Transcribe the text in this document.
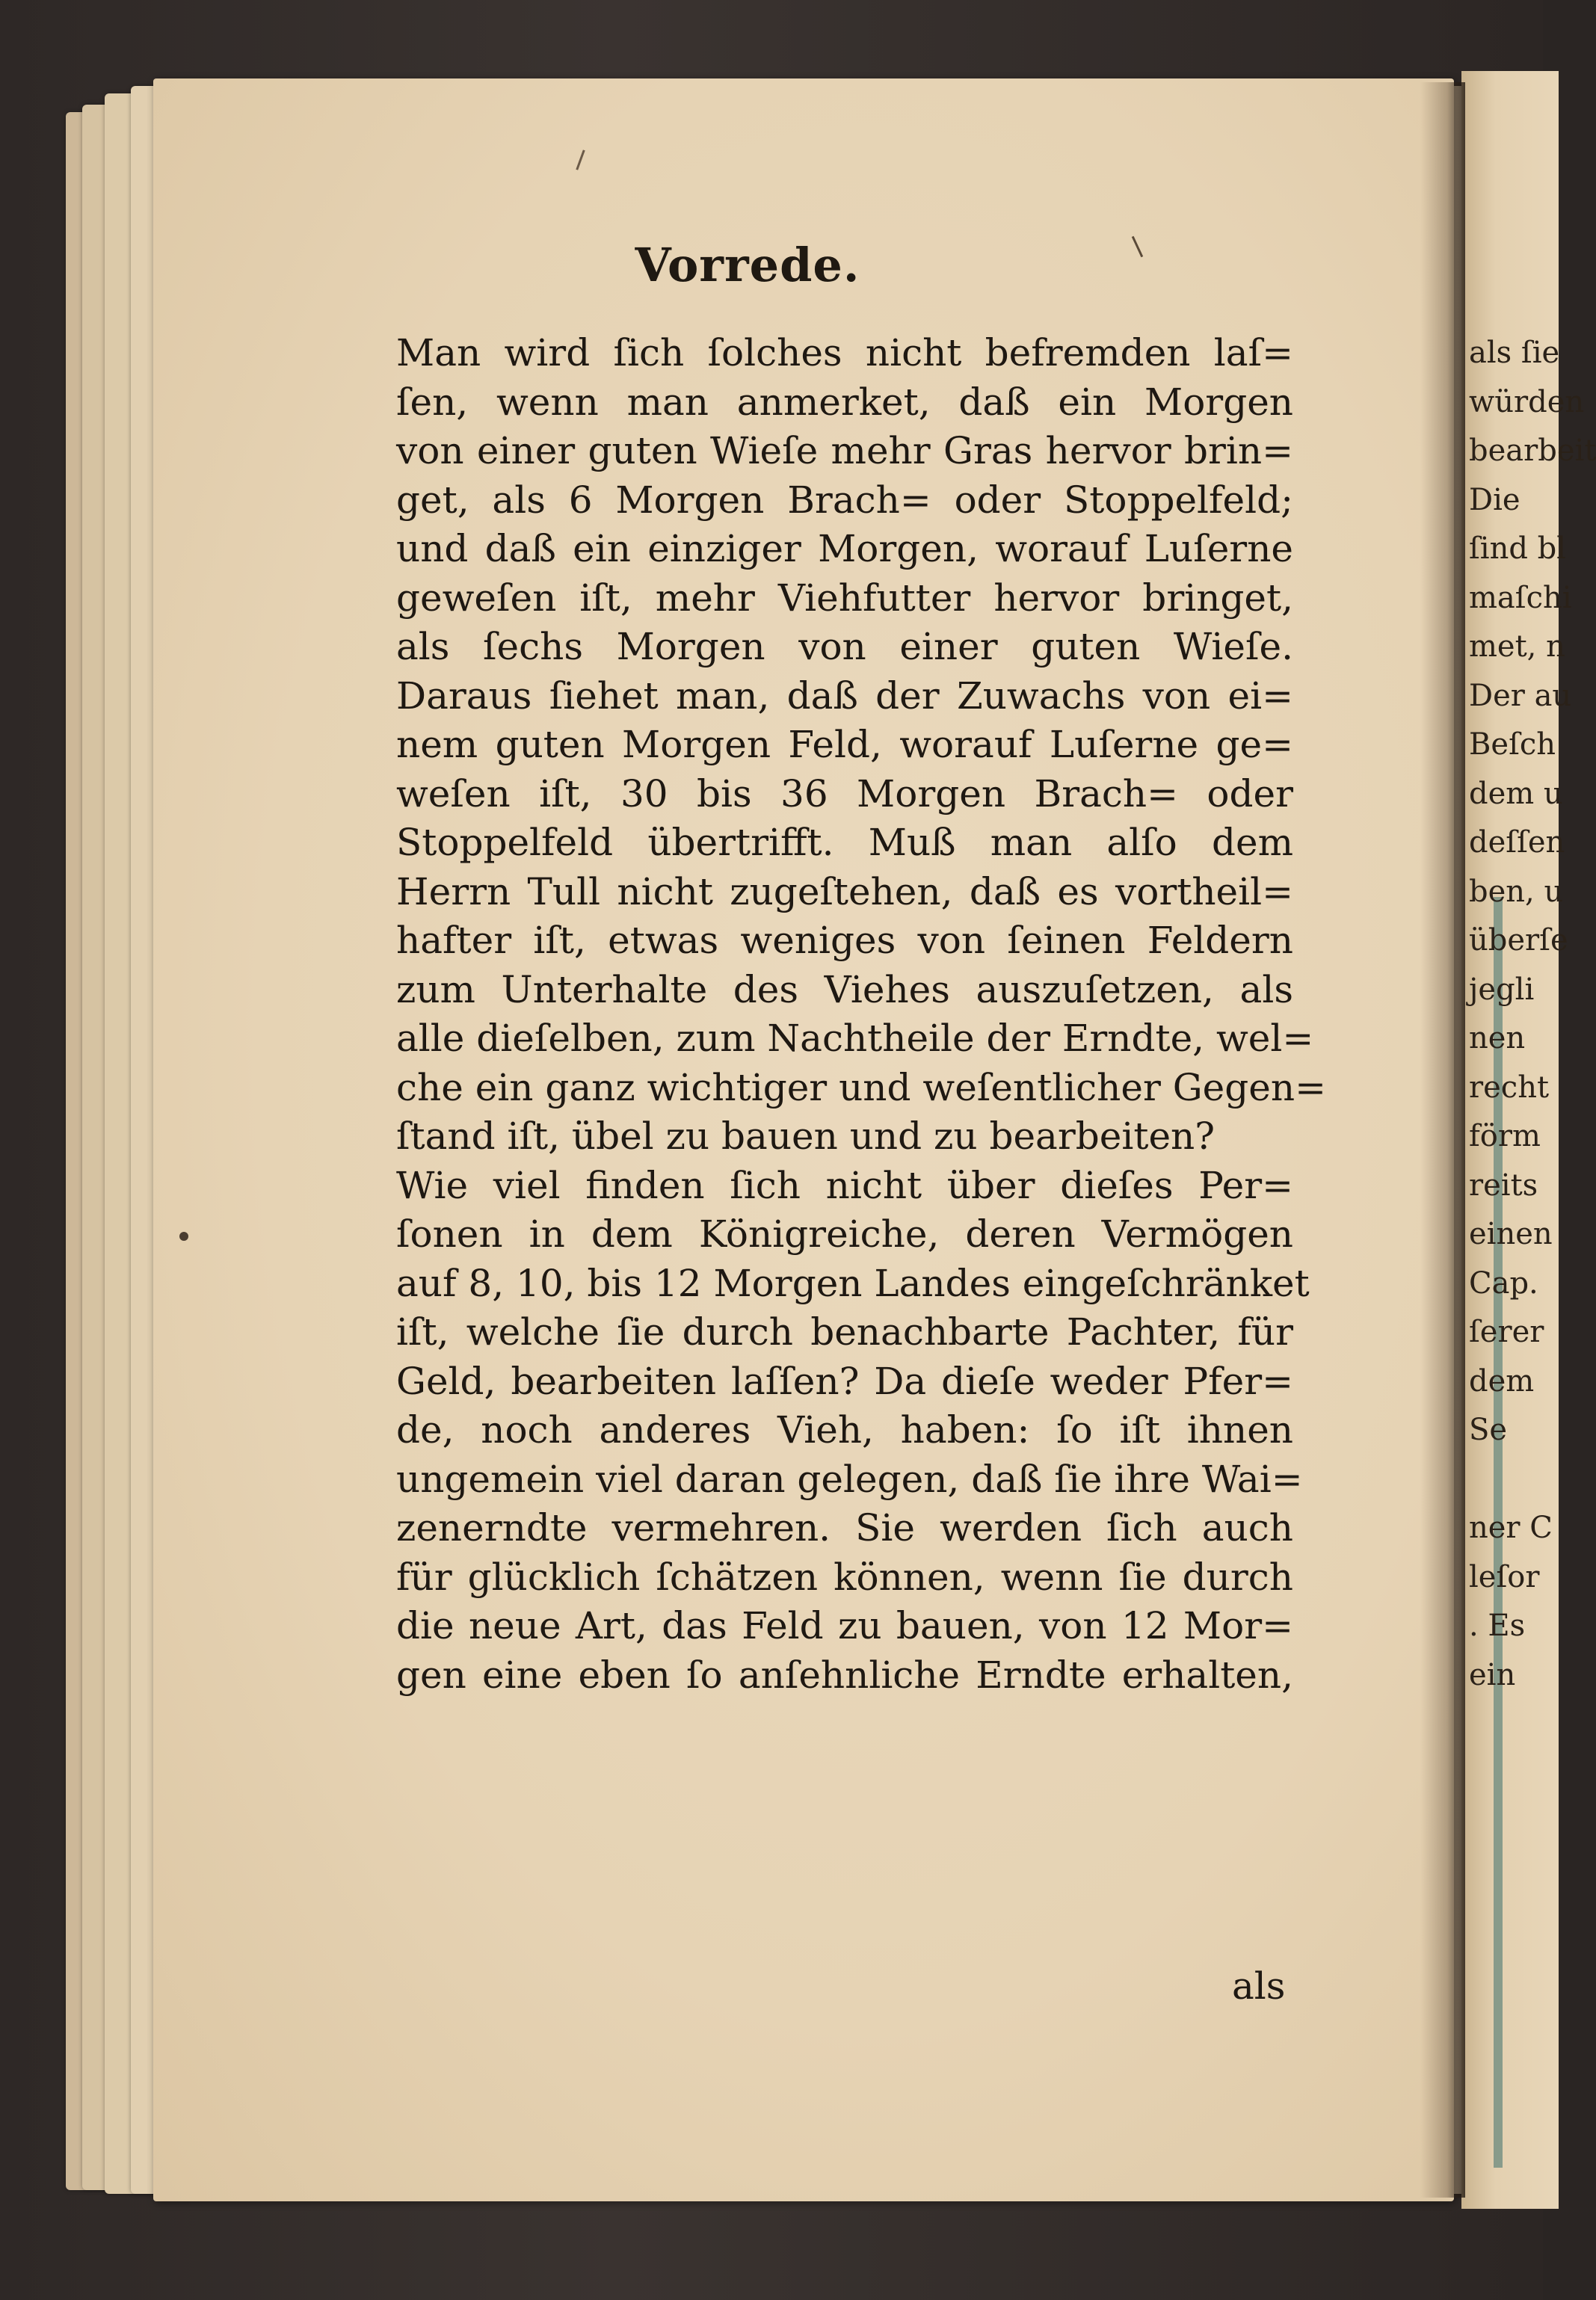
Vorrede.
Man wird ſich ſolches nicht befremden laſ=
ſen, wenn man anmerket, daß ein Morgen
von einer guten Wieſe mehr Gras hervor brin=
get, als 6 Morgen Brach= oder Stoppelfeld;
und daß ein einziger Morgen, worauf Luſerne
geweſen iſt, mehr Viehfutter hervor bringet,
als ſechs Morgen von einer guten Wieſe.
Daraus ſiehet man, daß der Zuwachs von ei=
nem guten Morgen Feld, worauf Luſerne ge=
weſen iſt, 30 bis 36 Morgen Brach= oder
Stoppelfeld übertrifft. Muß man alſo dem
Herrn Tull nicht zugeſtehen, daß es vortheil=
hafter iſt, etwas weniges von ſeinen Feldern
zum Unterhalte des Viehes auszuſetzen, als
alle dieſelben, zum Nachtheile der Erndte, wel=
che ein ganz wichtiger und weſentlicher Gegen=
ſtand iſt, übel zu bauen und zu bearbeiten?
Wie viel finden ſich nicht über dieſes Per=
ſonen in dem Königreiche, deren Vermögen
auf 8, 10, bis 12 Morgen Landes eingeſchränket
iſt, welche ſie durch benachbarte Pachter, für
Geld, bearbeiten laſſen? Da dieſe weder Pfer=
de, noch anderes Vieh, haben: ſo iſt ihnen
ungemein viel daran gelegen, daß ſie ihre Wai=
zenerndte vermehren. Sie werden ſich auch
für glücklich ſchätzen können, wenn ſie durch
die neue Art, das Feld zu bauen, von 12 Mor=
gen eine eben ſo anſehnliche Erndte erhalten,
als
als ſie
würden
bearbeit
Die
ſind bl
maſchi
met, n
Der au
Beſch
dem u
deſſen
ben, u
überſe
jegli
nen
recht
förm
reits
einen
Cap.
ſerer
dem
Se
ner C
leſor
. Es
ein
